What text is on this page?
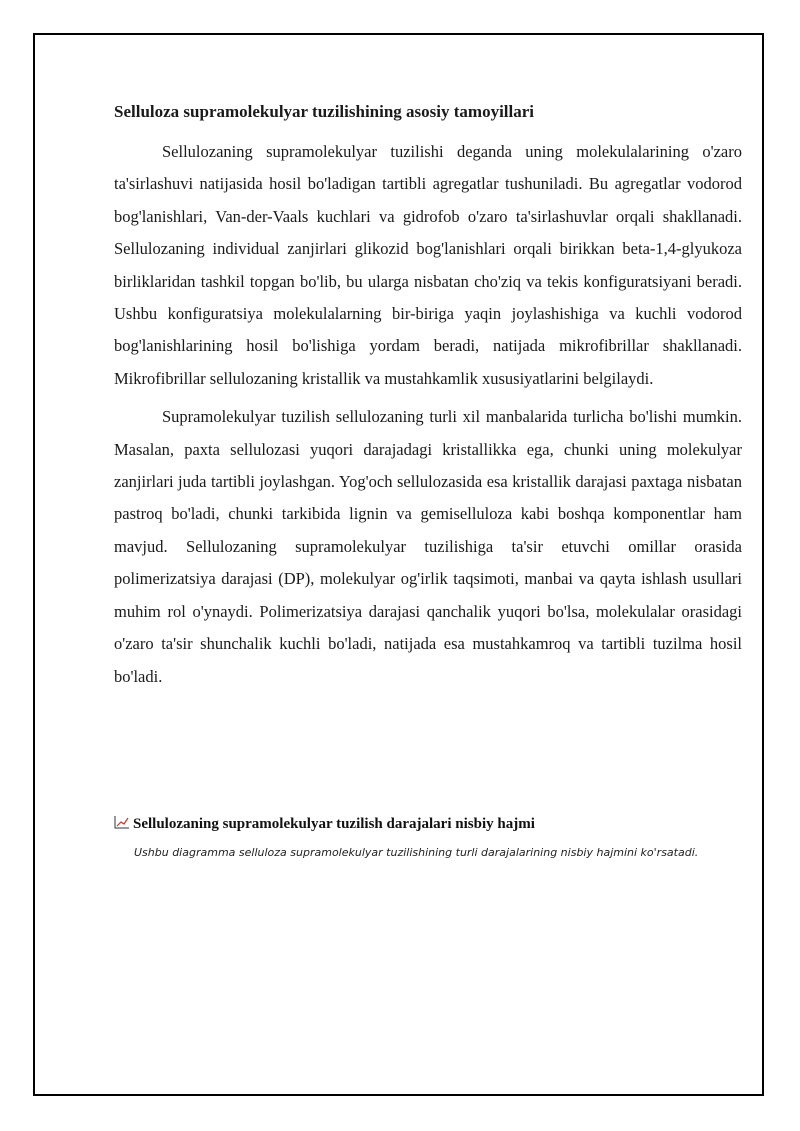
Selluloza supramolekulyar tuzilishining asosiy tamoyillari

Sellulozaning supramolekulyar tuzilishi deganda uning molekulalarining o'zaro ta'sirlashuvi natijasida hosil bo'ladigan tartibli agregatlar tushuniladi. Bu agregatlar vodorod bog'lanishlari, Van-der-Vaals kuchlari va gidrofob o'zaro ta'sirlashuvlar orqali shakllanadi. Sellulozaning individual zanjirlari glikozid bog'lanishlari orqali birikkan beta-1,4-glyukoza birliklaridan tashkil topgan bo'lib, bu ularga nisbatan cho'ziq va tekis konfiguratsiyani beradi. Ushbu konfiguratsiya molekulalarning bir-biriga yaqin joylashishiga va kuchli vodorod bog'lanishlarining hosil bo'lishiga yordam beradi, natijada mikrofibrillar shakllanadi. Mikrofibrillar sellulozaning kristallik va mustahkamlik xususiyatlarini belgilaydi.

Supramolekulyar tuzilish sellulozaning turli xil manbalarida turlicha bo'lishi mumkin. Masalan, paxta sellulozasi yuqori darajadagi kristallikka ega, chunki uning molekulyar zanjirlari juda tartibli joylashgan. Yog'och sellulozasida esa kristallik darajasi paxtaga nisbatan pastroq bo'ladi, chunki tarkibida lignin va gemiselluloza kabi boshqa komponentlar ham mavjud. Sellulozaning supramolekulyar tuzilishiga ta'sir etuvchi omillar orasida polimerizatsiya darajasi (DP), molekulyar og'irlik taqsimoti, manbai va qayta ishlash usullari muhim rol o'ynaydi. Polimerizatsiya darajasi qanchalik yuqori bo'lsa, molekulalar orasidagi o'zaro ta'sir shunchalik kuchli bo'ladi, natijada esa mustahkamroq va tartibli tuzilma hosil bo'ladi.

Sellulozaning supramolekulyar tuzilish darajalari nisbiy hajmi
Ushbu diagramma selluloza supramolekulyar tuzilishining turli darajalarining nisbiy hajmini ko'rsatadi.
